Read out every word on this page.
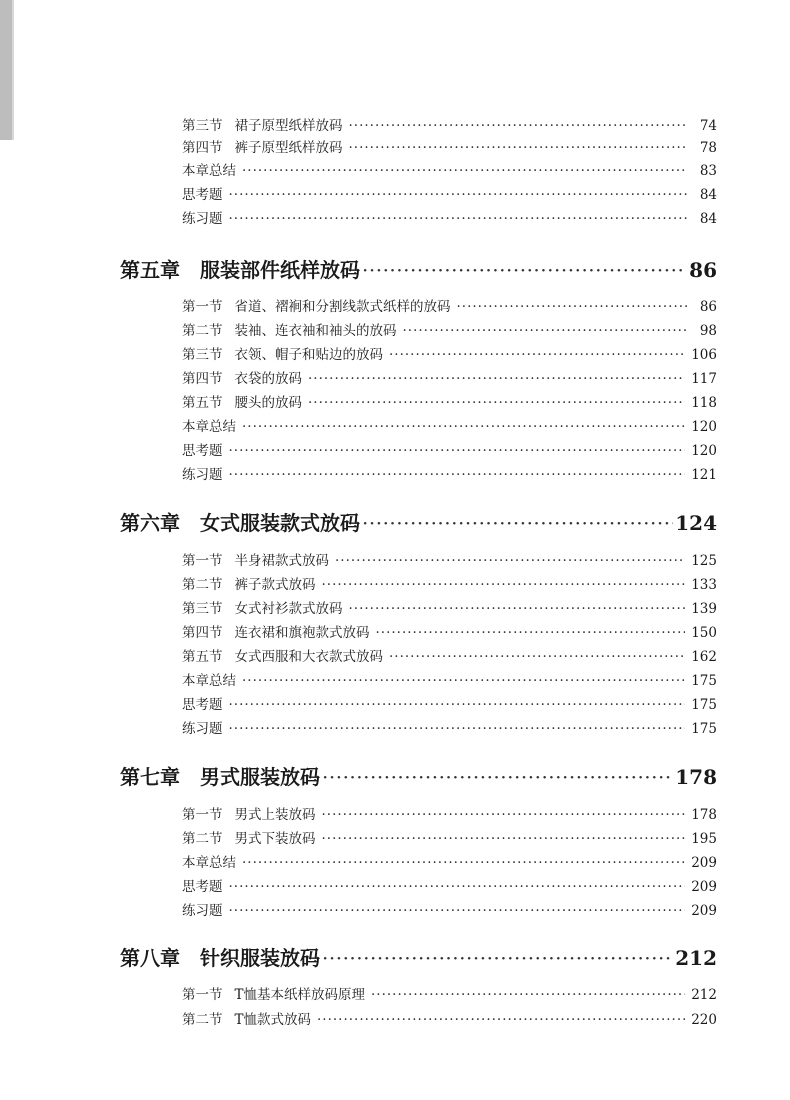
第三节 裙子原型纸样放码 ·····	74
第四节 裤子原型纸样放码 ·····	78
本章总结 ·····	83
思考题 ·····	84
练习题 ·····	84
第五章 服装部件纸样放码 ·····	86
第一节 省道、褶裥和分割线款式纸样的放码 ·····	86
第二节 装袖、连衣袖和袖头的放码 ·····	98
第三节 衣领、帽子和贴边的放码 ·····	106
第四节 衣袋的放码 ·····	117
第五节 腰头的放码 ·····	118
本章总结 ·····	120
思考题 ·····	120
练习题 ·····	121
第六章 女式服装款式放码 ·····	124
第一节 半身裙款式放码 ·····	125
第二节 裤子款式放码 ·····	133
第三节 女式衬衫款式放码 ·····	139
第四节 连衣裙和旗袍款式放码 ·····	150
第五节 女式西服和大衣款式放码 ·····	162
本章总结 ·····	175
思考题 ·····	175
练习题 ·····	175
第七章 男式服装放码 ·····	178
第一节 男式上装放码 ·····	178
第二节 男式下装放码 ·····	195
本章总结 ·····	209
思考题 ·····	209
练习题 ·····	209
第八章 针织服装放码 ·····	212
第一节 T恤基本纸样放码原理 ·····	212
第二节 T恤款式放码 ·····	220
